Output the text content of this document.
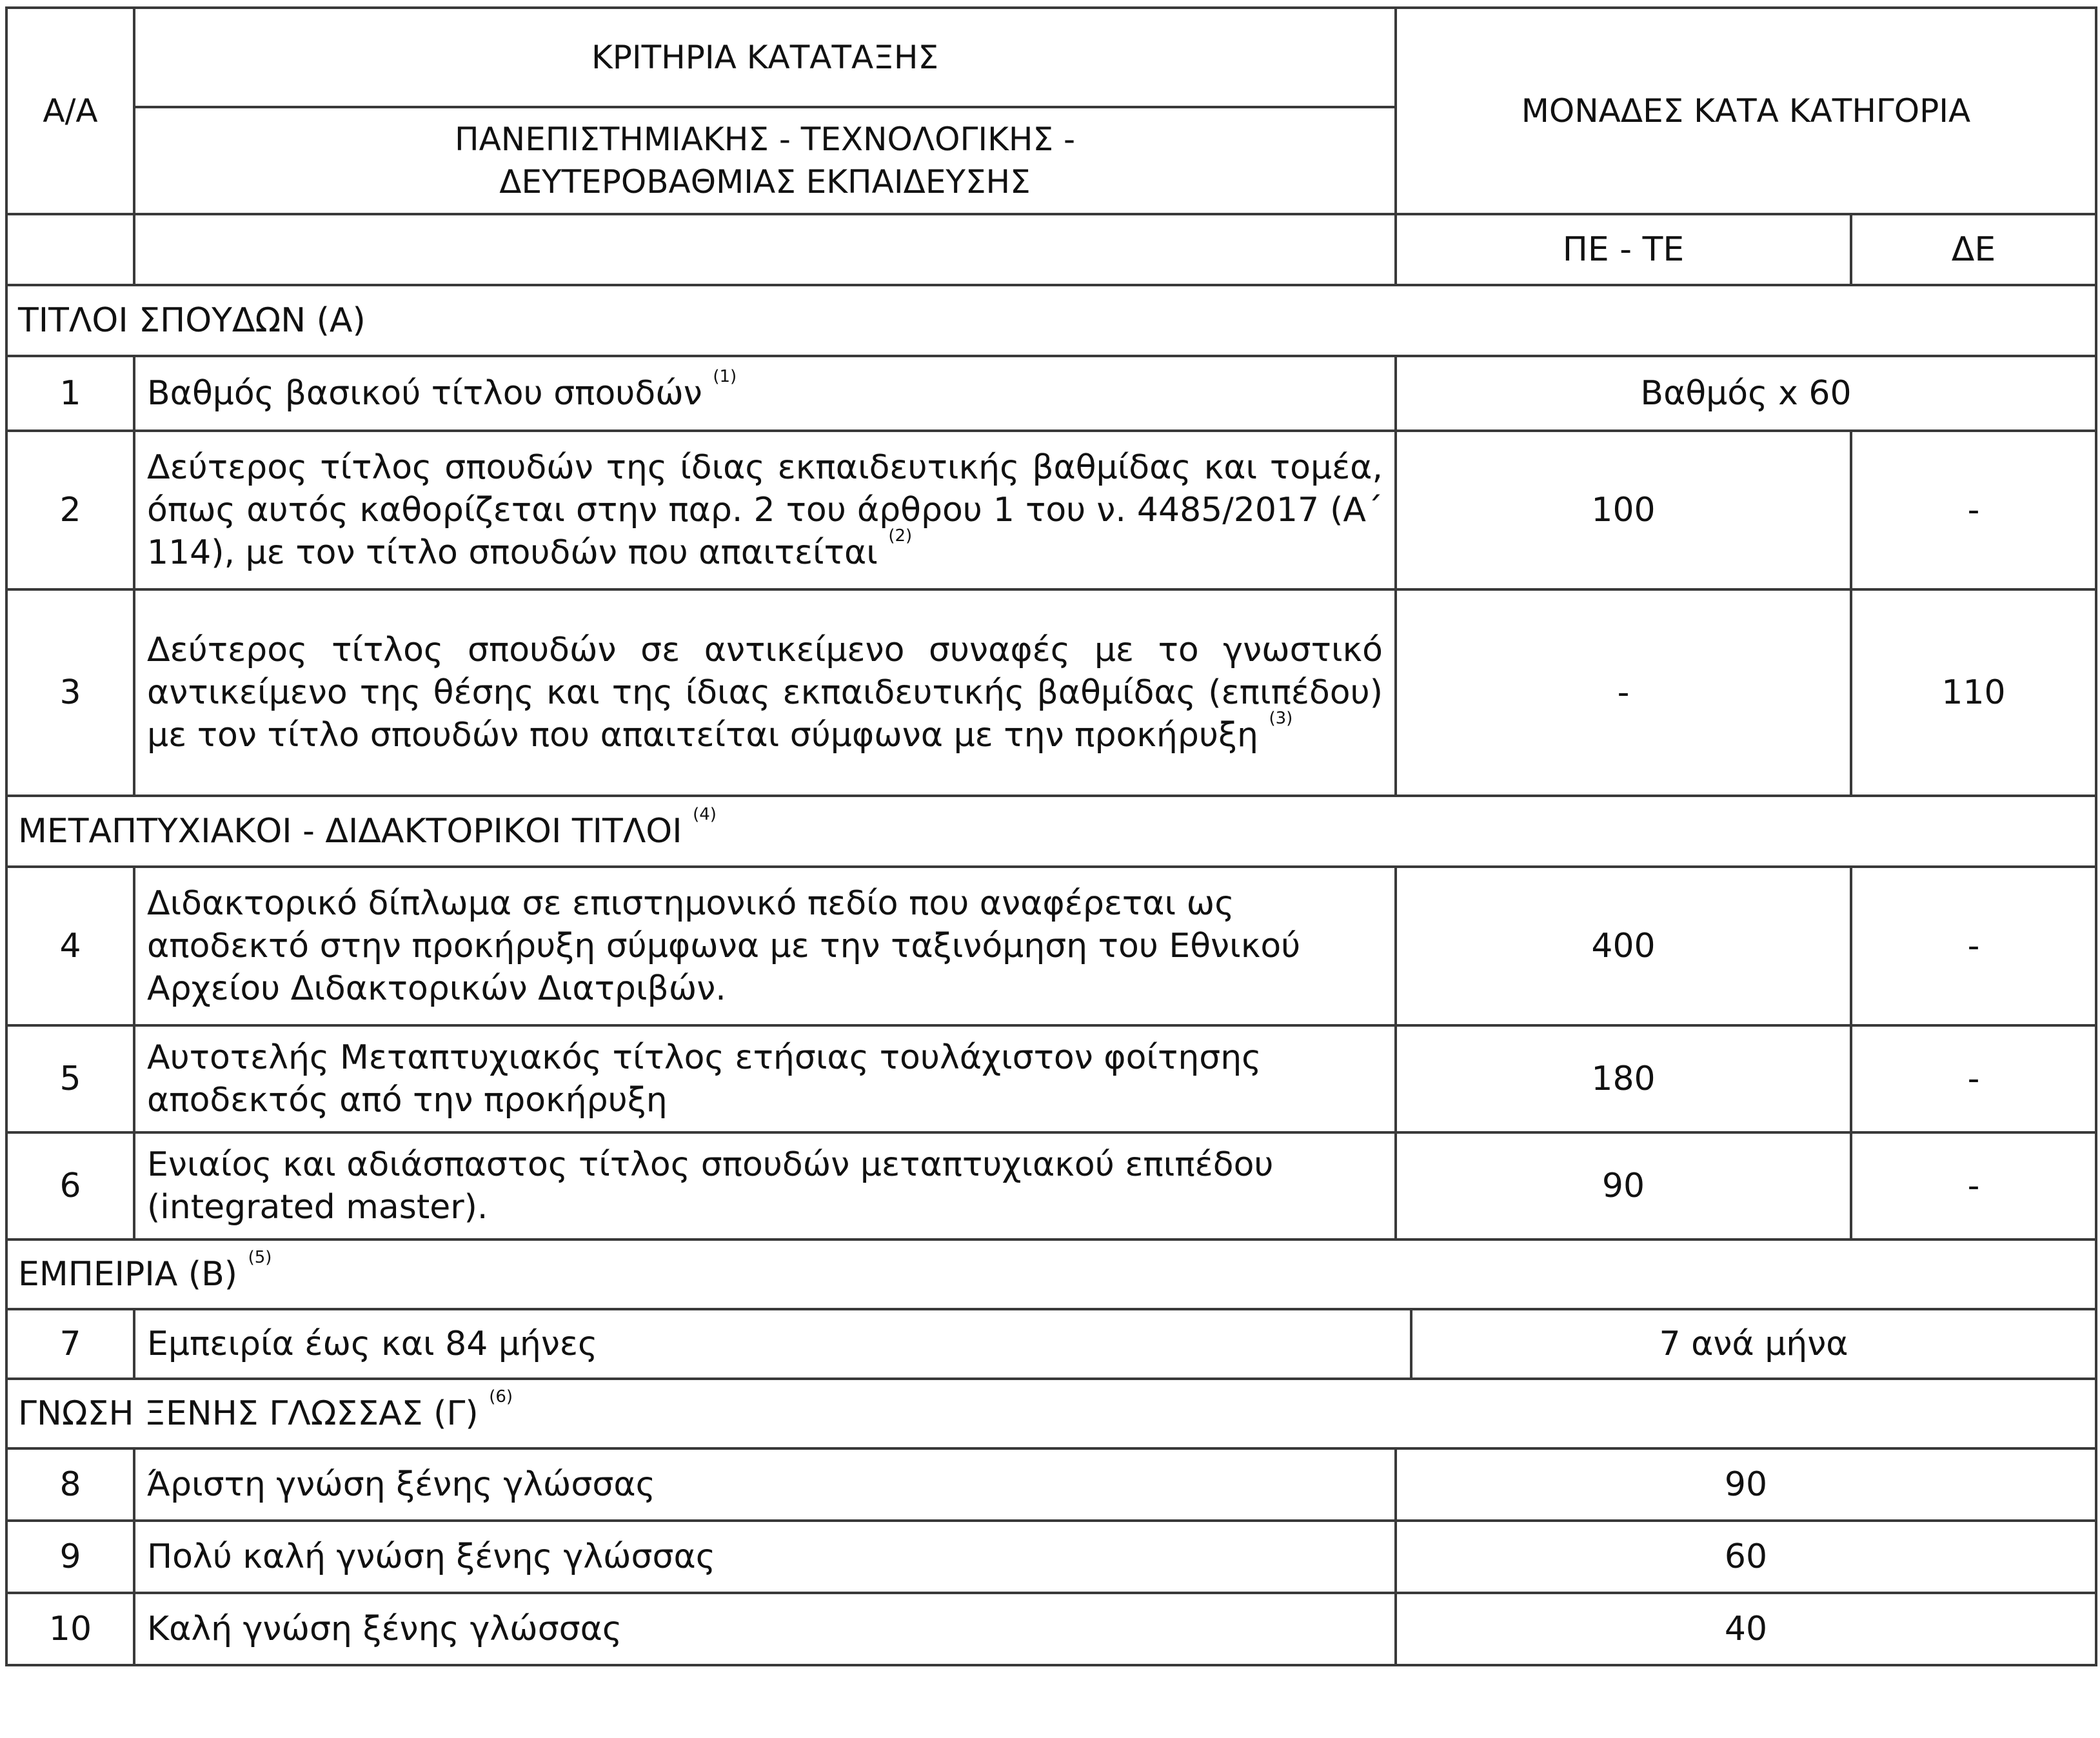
Α/Α	ΚΡΙΤΗΡΙΑ ΚΑΤΑΤΑΞΗΣ	ΜΟΝΑΔΕΣ ΚΑΤΑ ΚΑΤΗΓΟΡΙΑ		
	ΠΑΝΕΠΙΣΤΗΜΙΑΚΗΣ - ΤΕΧΝΟΛΟΓΙΚΗΣ - ΔΕΥΤΕΡΟΒΑΘΜΙΑΣ ΕΚΠΑΙΔΕΥΣΗΣ			
		ΠΕ - ΤΕ		ΔΕ
ΤΙΤΛΟΙ ΣΠΟΥΔΩΝ (Α)				
1	Βαθμός βασικού τίτλου σπουδών $^{(1)}$	Βαθμός x 60		
2	Δεύτερος τίτλος σπουδών της ίδιας εκπαιδευτικής βαθμίδας και τομέα, όπως αυτός καθορίζεται στην παρ. 2 του άρθρου 1 του ν. 4485/2017 (Α΄ 114), με τον τίτλο σπουδών που απαιτείται $^{(2)}$	100		-
3	Δεύτερος τίτλος σπουδών σε αντικείμενο συναφές με το γνωστικό αντικείμενο της θέσης και της ίδιας εκπαιδευτικής βαθμίδας (επιπέδου) με τον τίτλο σπουδών που απαιτείται σύμφωνα με την προκήρυξη $^{(3)}$	-		110
ΜΕΤΑΠΤΥΧΙΑΚΟΙ - ΔΙΔΑΚΤΟΡΙΚΟΙ ΤΙΤΛΟΙ $^{(4)}$
4	Διδακτορικό δίπλωμα σε επιστημονικό πεδίο που αναφέρεται ως αποδεκτό στην προκήρυξη σύμφωνα με την ταξινόμηση του Εθνικού Αρχείου Διδακτορικών Διατριβών.	400		-
5	Αυτοτελής Μεταπτυχιακός τίτλος ετήσιας τουλάχιστον φοίτησης αποδεκτός από την προκήρυξη	180		-
6	Ενιαίος και αδιάσπαστος τίτλος σπουδών μεταπτυχιακού επιπέδου (integrated master).	90		-
ΕΜΠΕΙΡΙΑ (Β) $^{(5)}$
7	Εμπειρία έως και 84 μήνες		7 ανά μήνα	
ΓΝΩΣΗ ΞΕΝΗΣ ΓΛΩΣΣΑΣ (Γ) $^{(6)}$
8	Άριστη γνώση ξένης γλώσσας	90		
9	Πολύ καλή γνώση ξένης γλώσσας	60		
10	Καλή γνώση ξένης γλώσσας	40		
